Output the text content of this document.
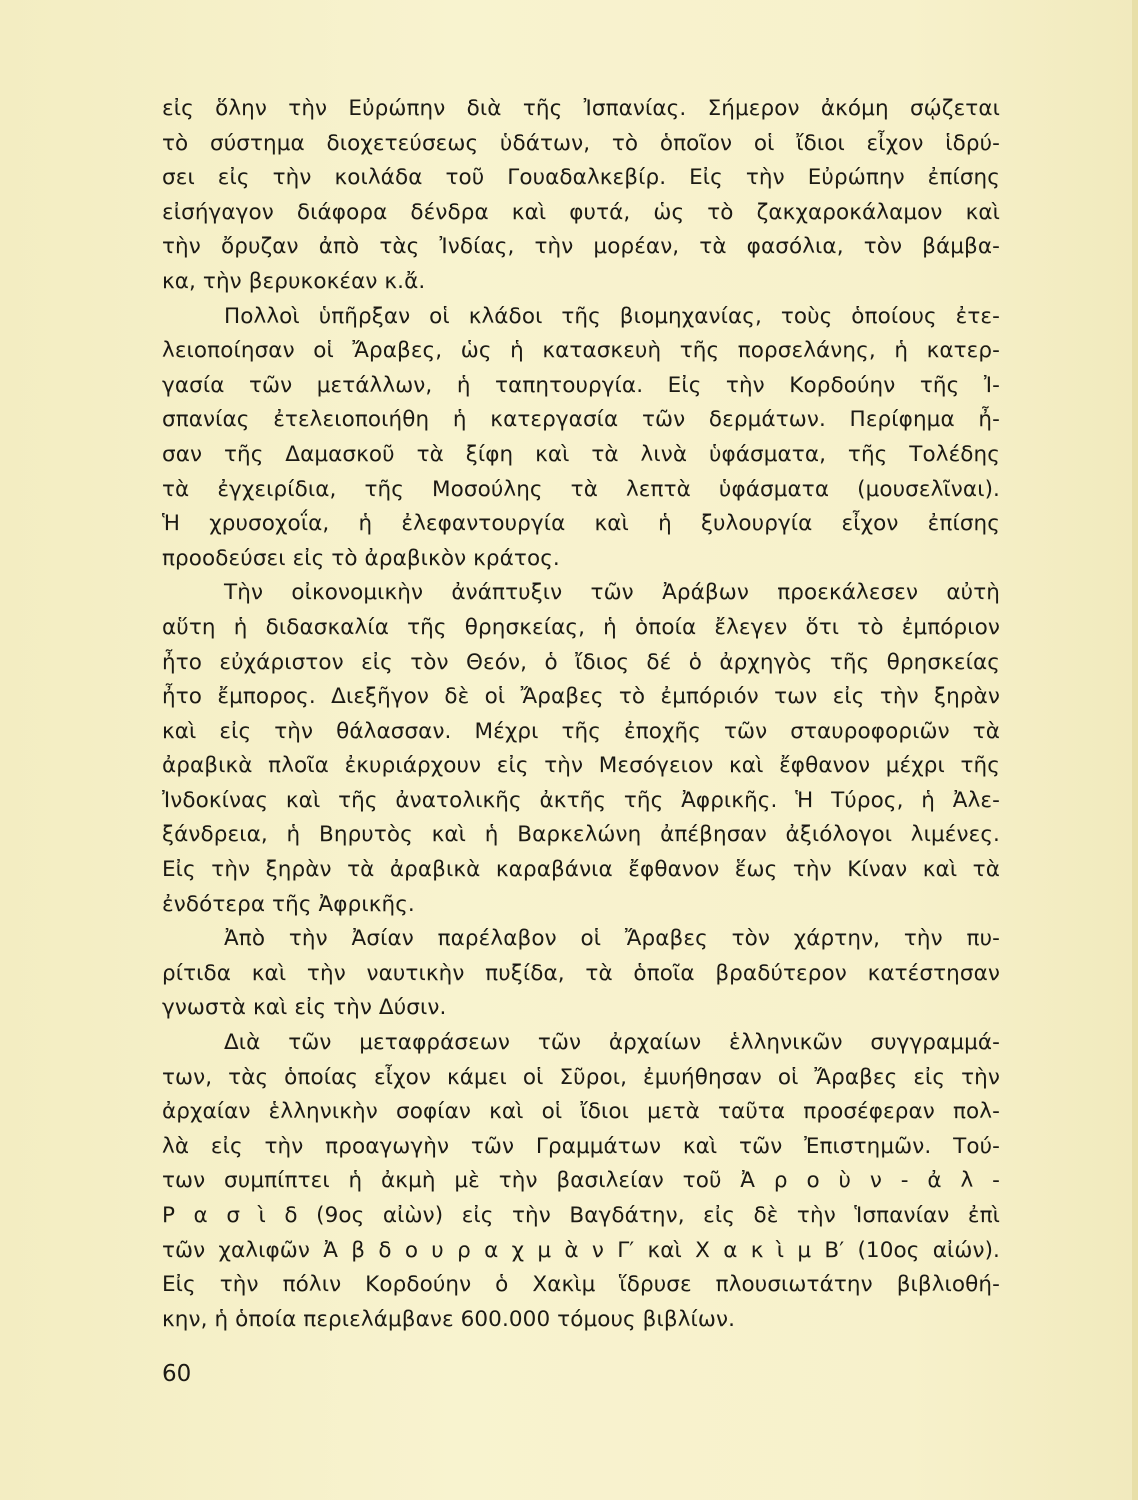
εἰς ὅλην τὴν Εὐρώπην διὰ τῆς Ἰσπανίας. Σήμερον ἀκόμη σῴζεται
τὸ σύστημα διοχετεύσεως ὑδάτων, τὸ ὁποῖον οἱ ἴδιοι εἶχον ἱδρύ-
σει εἰς τὴν κοιλάδα τοῦ Γουαδαλκεβίρ. Εἰς τὴν Εὐρώπην ἐπίσης
εἰσήγαγον διάφορα δένδρα καὶ φυτά, ὡς τὸ ζακχαροκάλαμον καὶ
τὴν ὄρυζαν ἀπὸ τὰς Ἰνδίας, τὴν μορέαν, τὰ φασόλια, τὸν βάμβα-
κα, τὴν βερυκοκέαν κ.ἄ.
Πολλοὶ ὑπῆρξαν οἱ κλάδοι τῆς βιομηχανίας, τοὺς ὁποίους ἐτε-
λειοποίησαν οἱ Ἄραβες, ὡς ἡ κατασκευὴ τῆς πορσελάνης, ἡ κατερ-
γασία τῶν μετάλλων, ἡ ταπητουργία. Εἰς τὴν Κορδούην τῆς Ἰ-
σπανίας ἐτελειοποιήθη ἡ κατεργασία τῶν δερμάτων. Περίφημα ἦ-
σαν τῆς Δαμασκοῦ τὰ ξίφη καὶ τὰ λινὰ ὑφάσματα, τῆς Τολέδης
τὰ ἐγχειρίδια, τῆς Μοσούλης τὰ λεπτὰ ὑφάσματα (μουσελῖναι).
Ἡ χρυσοχοΐα, ἡ ἐλεφαντουργία καὶ ἡ ξυλουργία εἶχον ἐπίσης
προοδεύσει εἰς τὸ ἀραβικὸν κράτος.
Τὴν οἰκονομικὴν ἀνάπτυξιν τῶν Ἀράβων προεκάλεσεν αὐτὴ
αὕτη ἡ διδασκαλία τῆς θρησκείας, ἡ ὁποία ἔλεγεν ὅτι τὸ ἐμπόριον
ἦτο εὐχάριστον εἰς τὸν Θεόν, ὁ ἴδιος δέ ὁ ἀρχηγὸς τῆς θρησκείας
ἦτο ἔμπορος. Διεξῆγον δὲ οἱ Ἄραβες τὸ ἐμπόριόν των εἰς τὴν ξηρὰν
καὶ εἰς τὴν θάλασσαν. Μέχρι τῆς ἐποχῆς τῶν σταυροφοριῶν τὰ
ἀραβικὰ πλοῖα ἐκυριάρχουν εἰς τὴν Μεσόγειον καὶ ἔφθανον μέχρι τῆς
Ἰνδοκίνας καὶ τῆς ἀνατολικῆς ἀκτῆς τῆς Ἀφρικῆς. Ἡ Τύρος, ἡ Ἀλε-
ξάνδρεια, ἡ Βηρυτὸς καὶ ἡ Βαρκελώνη ἀπέβησαν ἀξιόλογοι λιμένες.
Εἰς τὴν ξηρὰν τὰ ἀραβικὰ καραβάνια ἔφθανον ἕως τὴν Κίναν καὶ τὰ
ἐνδότερα τῆς Ἀφρικῆς.
Ἀπὸ τὴν Ἀσίαν παρέλαβον οἱ Ἄραβες τὸν χάρτην, τὴν πυ-
ρίτιδα καὶ τὴν ναυτικὴν πυξίδα, τὰ ὁποῖα βραδύτερον κατέστησαν
γνωστὰ καὶ εἰς τὴν Δύσιν.
Διὰ τῶν μεταφράσεων τῶν ἀρχαίων ἑλληνικῶν συγγραμμά-
των, τὰς ὁποίας εἶχον κάμει οἱ Σῦροι, ἐμυήθησαν οἱ Ἄραβες εἰς τὴν
ἀρχαίαν ἑλληνικὴν σοφίαν καὶ οἱ ἴδιοι μετὰ ταῦτα προσέφεραν πολ-
λὰ εἰς τὴν προαγωγὴν τῶν Γραμμάτων καὶ τῶν Ἐπιστημῶν. Τού-
των συμπίπτει ἡ ἀκμὴ μὲ τὴν βασιλείαν τοῦ Ἀ ρ ο ὺ ν - ἀ λ -
Ρ α σ ὶ δ (9ος αἰὼν) εἰς τὴν Βαγδάτην, εἰς δὲ τὴν Ἱσπανίαν ἐπὶ
τῶν χαλιφῶν Ἀ β δ ο υ ρ α χ μ ὰ ν Γ′ καὶ Χ α κ ὶ μ Β′ (10ος αἰών).
Εἰς τὴν πόλιν Κορδούην ὁ Χακὶμ ἵδρυσε πλουσιωτάτην βιβλιοθή-
κην, ἡ ὁποία περιελάμβανε 600.000 τόμους βιβλίων.
60
